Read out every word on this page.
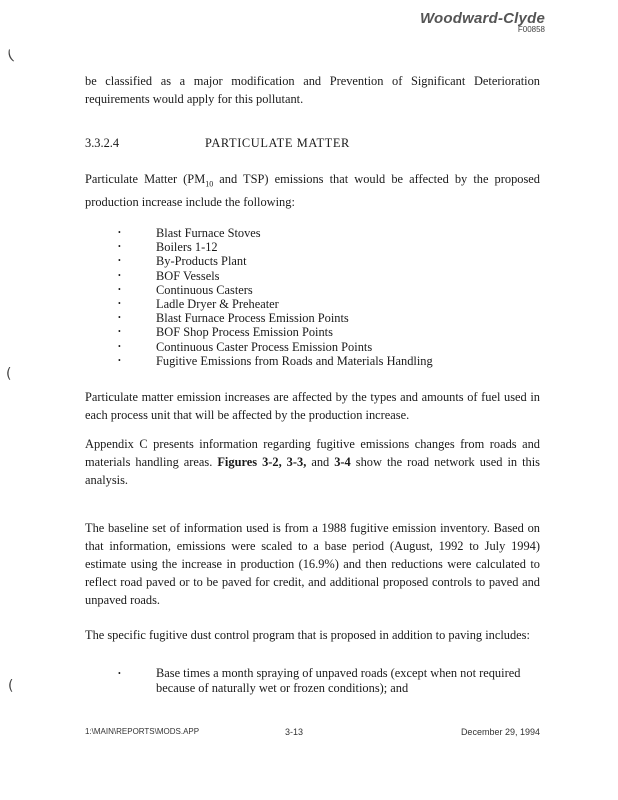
(
(
(
Woodward-Clyde
F00858
be classified as a major modification and Prevention of Significant Deterioration requirements would apply for this pollutant.
3.3.2.4	PARTICULATE MATTER
Particulate Matter ($PM_{10}$ and TSP) emissions that would be affected by the proposed production increase include the following:
•	Blast Furnace Stoves
•	Boilers 1-12
•	By-Products Plant
•	BOF Vessels
•	Continuous Casters
•	Ladle Dryer & Preheater
•	Blast Furnace Process Emission Points
•	BOF Shop Process Emission Points
•	Continuous Caster Process Emission Points
•	Fugitive Emissions from Roads and Materials Handling
Particulate matter emission increases are affected by the types and amounts of fuel used in each process unit that will be affected by the production increase.
Appendix C presents information regarding fugitive emissions changes from roads and materials handling areas. Figures 3-2, 3-3, and 3-4 show the road network used in this analysis.
The baseline set of information used is from a 1988 fugitive emission inventory. Based on that information, emissions were scaled to a base period (August, 1992 to July 1994) estimate using the increase in production (16.9%) and then reductions were calculated to reflect road paved or to be paved for credit, and additional proposed controls to paved and unpaved roads.
The specific fugitive dust control program that is proposed in addition to paving includes:
•	Base times a month spraying of unpaved roads (except when not required because of naturally wet or frozen conditions); and
1:\MAIN\REPORTS\MODS.APP	3-13	December 29, 1994
